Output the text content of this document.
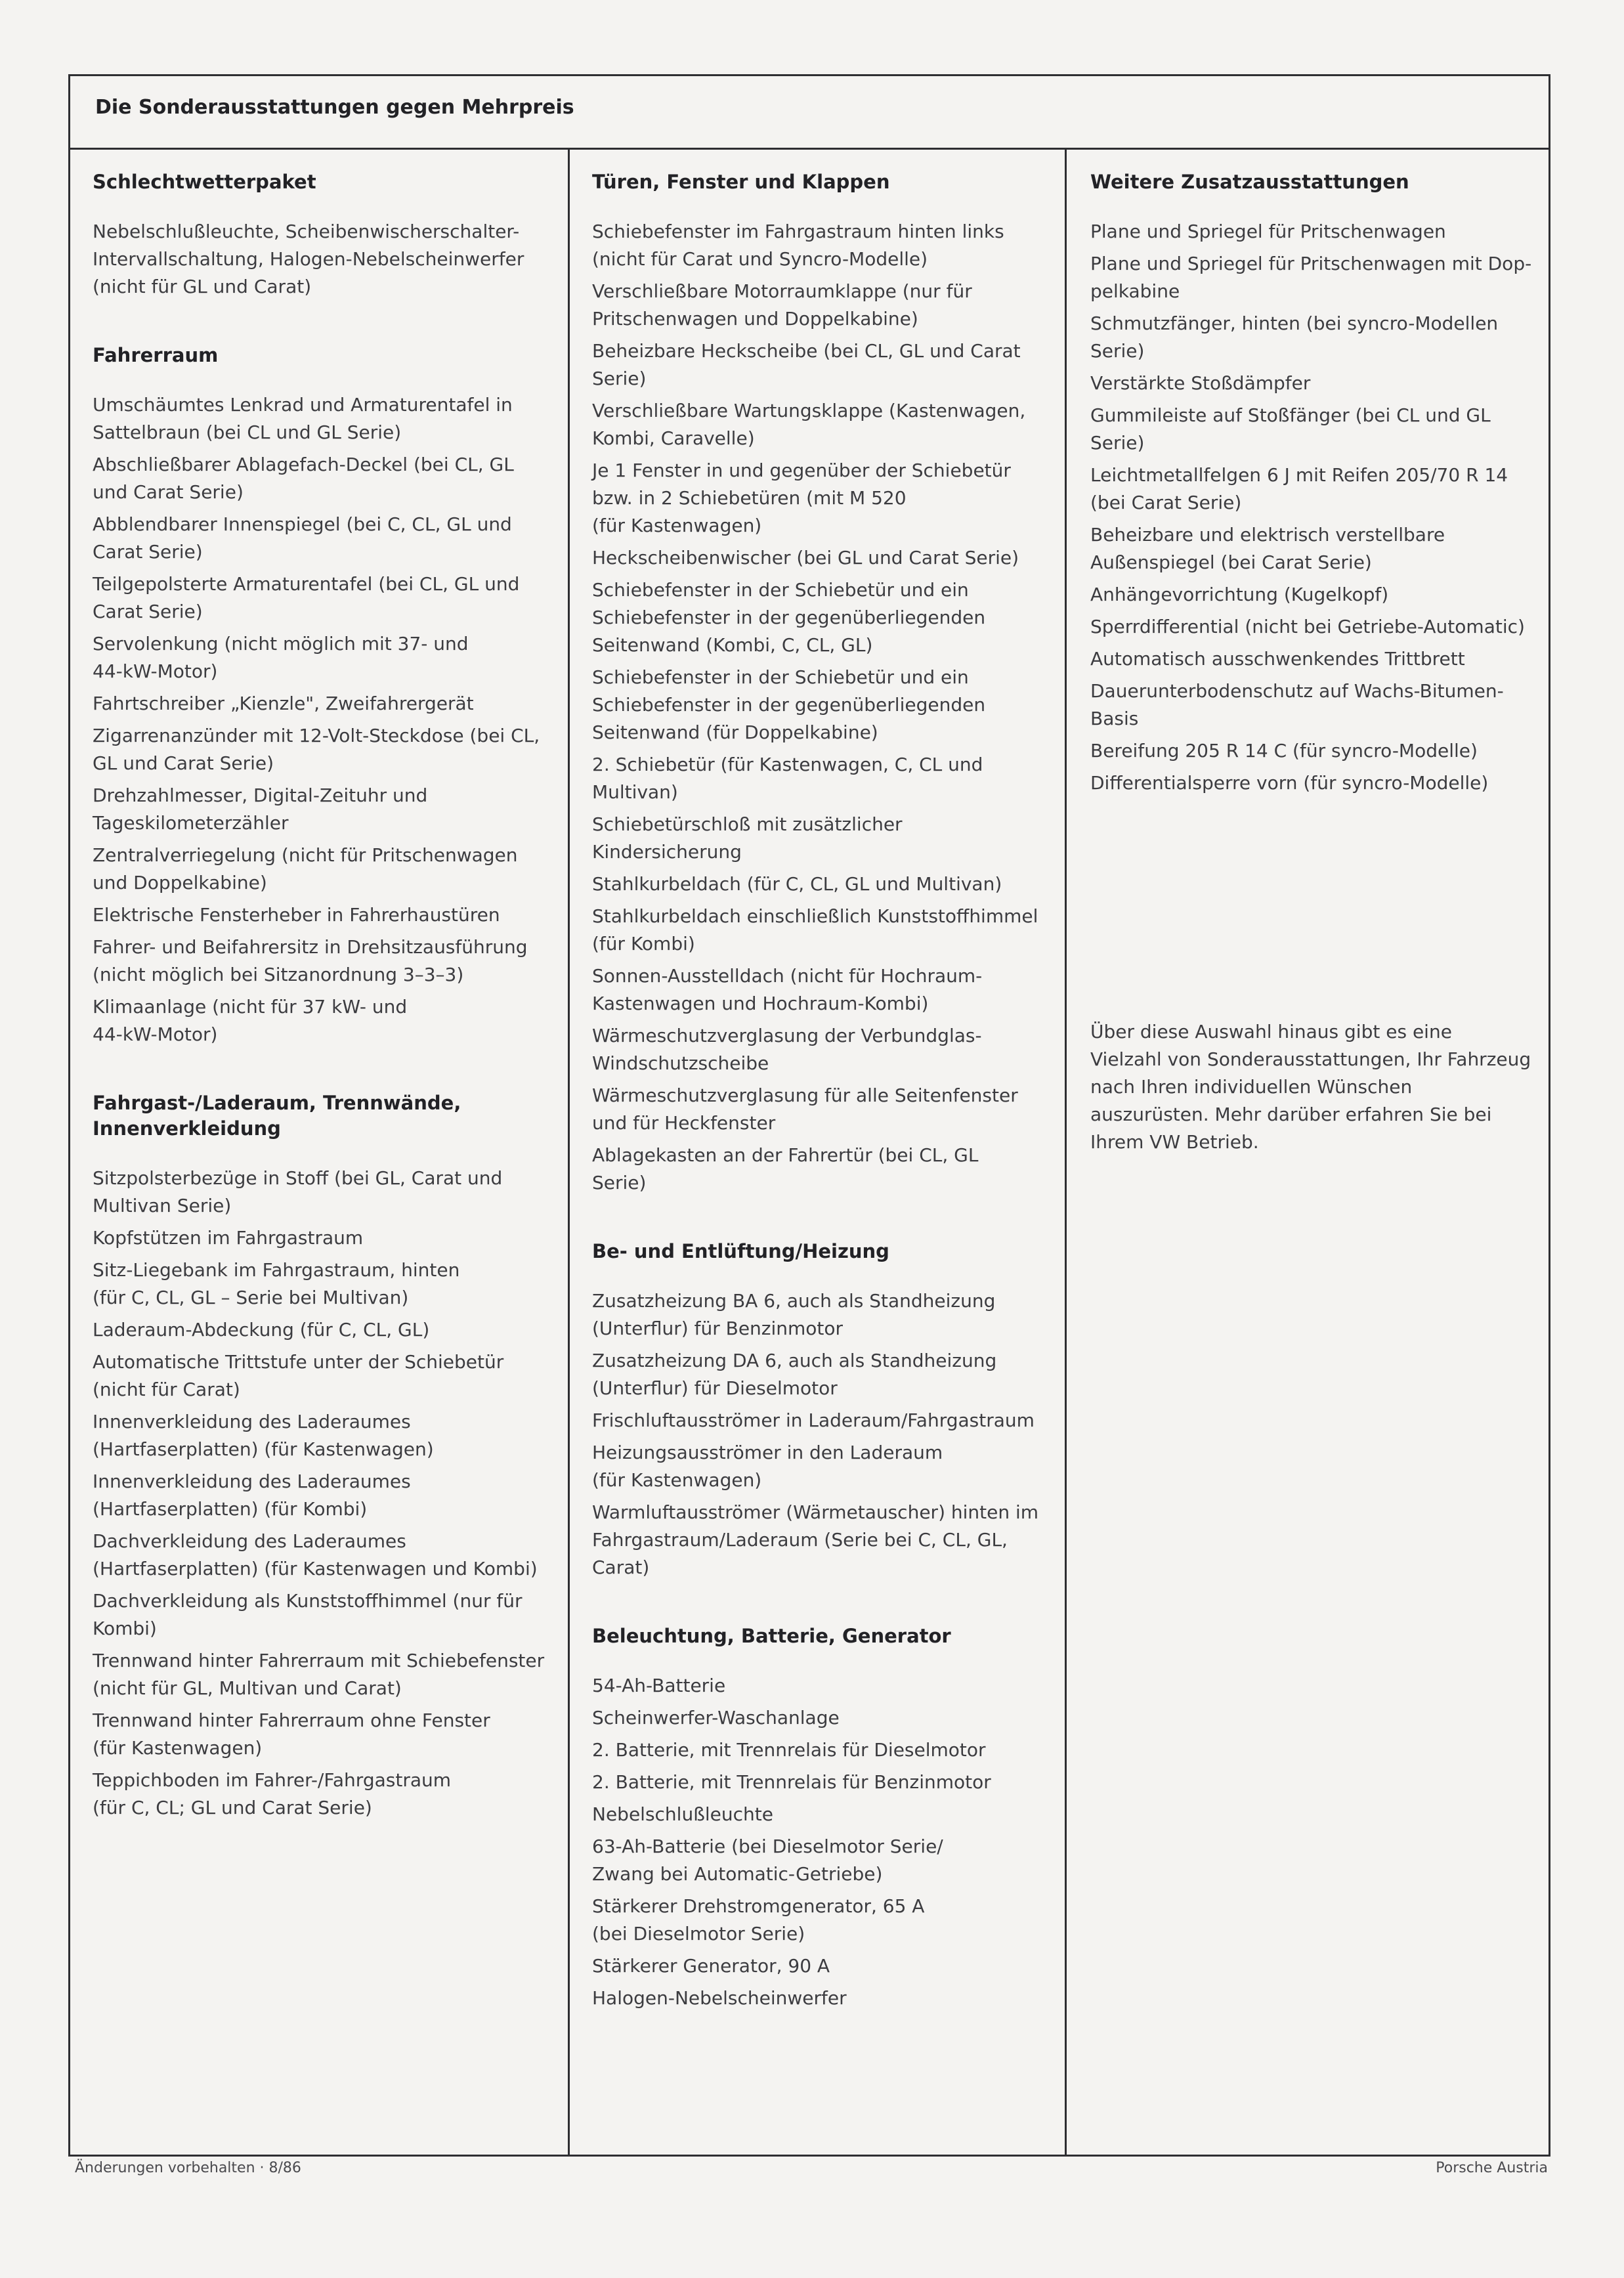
Die Sonderausstattungen gegen Mehrpreis
Schlechtwetterpaket
Nebelschlußleuchte, Scheibenwischerschalter-
Intervallschaltung, Halogen-Nebelscheinwerfer
(nicht für GL und Carat)
Fahrerraum
Umschäumtes Lenkrad und Armaturentafel in
Sattelbraun (bei CL und GL Serie)
Abschließbarer Ablagefach-Deckel (bei CL, GL
und Carat Serie)
Abblendbarer Innenspiegel (bei C, CL, GL und
Carat Serie)
Teilgepolsterte Armaturentafel (bei CL, GL und
Carat Serie)
Servolenkung (nicht möglich mit 37- und
44-kW-Motor)
Fahrtschreiber „Kienzle", Zweifahrergerät
Zigarrenanzünder mit 12-Volt-Steckdose (bei CL,
GL und Carat Serie)
Drehzahlmesser, Digital-Zeituhr und
Tageskilometerzähler
Zentralverriegelung (nicht für Pritschenwagen
und Doppelkabine)
Elektrische Fensterheber in Fahrerhaustüren
Fahrer- und Beifahrersitz in Drehsitzausführung
(nicht möglich bei Sitzanordnung 3–3–3)
Klimaanlage (nicht für 37 kW- und
44-kW-Motor)
Fahrgast-/Laderaum, Trennwände,
Innenverkleidung
Sitzpolsterbezüge in Stoff (bei GL, Carat und
Multivan Serie)
Kopfstützen im Fahrgastraum
Sitz-Liegebank im Fahrgastraum, hinten
(für C, CL, GL – Serie bei Multivan)
Laderaum-Abdeckung (für C, CL, GL)
Automatische Trittstufe unter der Schiebetür
(nicht für Carat)
Innenverkleidung des Laderaumes
(Hartfaserplatten) (für Kastenwagen)
Innenverkleidung des Laderaumes
(Hartfaserplatten) (für Kombi)
Dachverkleidung des Laderaumes
(Hartfaserplatten) (für Kastenwagen und Kombi)
Dachverkleidung als Kunststoffhimmel (nur für
Kombi)
Trennwand hinter Fahrerraum mit Schiebefenster
(nicht für GL, Multivan und Carat)
Trennwand hinter Fahrerraum ohne Fenster
(für Kastenwagen)
Teppichboden im Fahrer-/Fahrgastraum
(für C, CL; GL und Carat Serie)
Türen, Fenster und Klappen
Schiebefenster im Fahrgastraum hinten links
(nicht für Carat und Syncro-Modelle)
Verschließbare Motorraumklappe (nur für
Pritschenwagen und Doppelkabine)
Beheizbare Heckscheibe (bei CL, GL und Carat
Serie)
Verschließbare Wartungsklappe (Kastenwagen,
Kombi, Caravelle)
Je 1 Fenster in und gegenüber der Schiebetür
bzw. in 2 Schiebetüren (mit M 520
(für Kastenwagen)
Heckscheibenwischer (bei GL und Carat Serie)
Schiebefenster in der Schiebetür und ein
Schiebefenster in der gegenüberliegenden
Seitenwand (Kombi, C, CL, GL)
Schiebefenster in der Schiebetür und ein
Schiebefenster in der gegenüberliegenden
Seitenwand (für Doppelkabine)
2. Schiebetür (für Kastenwagen, C, CL und
Multivan)
Schiebetürschloß mit zusätzlicher
Kindersicherung
Stahlkurbeldach (für C, CL, GL und Multivan)
Stahlkurbeldach einschließlich Kunststoffhimmel
(für Kombi)
Sonnen-Ausstelldach (nicht für Hochraum-
Kastenwagen und Hochraum-Kombi)
Wärmeschutzverglasung der Verbundglas-
Windschutzscheibe
Wärmeschutzverglasung für alle Seitenfenster
und für Heckfenster
Ablagekasten an der Fahrertür (bei CL, GL
Serie)
Be- und Entlüftung/Heizung
Zusatzheizung BA 6, auch als Standheizung
(Unterflur) für Benzinmotor
Zusatzheizung DA 6, auch als Standheizung
(Unterflur) für Dieselmotor
Frischluftausströmer in Laderaum/Fahrgastraum
Heizungsausströmer in den Laderaum
(für Kastenwagen)
Warmluftausströmer (Wärmetauscher) hinten im
Fahrgastraum/Laderaum (Serie bei C, CL, GL,
Carat)
Beleuchtung, Batterie, Generator
54-Ah-Batterie
Scheinwerfer-Waschanlage
2. Batterie, mit Trennrelais für Dieselmotor
2. Batterie, mit Trennrelais für Benzinmotor
Nebelschlußleuchte
63-Ah-Batterie (bei Dieselmotor Serie/
Zwang bei Automatic-Getriebe)
Stärkerer Drehstromgenerator, 65 A
(bei Dieselmotor Serie)
Stärkerer Generator, 90 A
Halogen-Nebelscheinwerfer
Weitere Zusatzausstattungen
Plane und Spriegel für Pritschenwagen
Plane und Spriegel für Pritschenwagen mit Dop-
pelkabine
Schmutzfänger, hinten (bei syncro-Modellen
Serie)
Verstärkte Stoßdämpfer
Gummileiste auf Stoßfänger (bei CL und GL
Serie)
Leichtmetallfelgen 6 J mit Reifen 205/70 R 14
(bei Carat Serie)
Beheizbare und elektrisch verstellbare
Außenspiegel (bei Carat Serie)
Anhängevorrichtung (Kugelkopf)
Sperrdifferential (nicht bei Getriebe-Automatic)
Automatisch ausschwenkendes Trittbrett
Dauerunterbodenschutz auf Wachs-Bitumen-
Basis
Bereifung 205 R 14 C (für syncro-Modelle)
Differentialsperre vorn (für syncro-Modelle)
Über diese Auswahl hinaus gibt es eine
Vielzahl von Sonderausstattungen, Ihr Fahrzeug
nach Ihren individuellen Wünschen
auszurüsten. Mehr darüber erfahren Sie bei
Ihrem VW Betrieb.
Änderungen vorbehalten · 8/86	Porsche Austria
